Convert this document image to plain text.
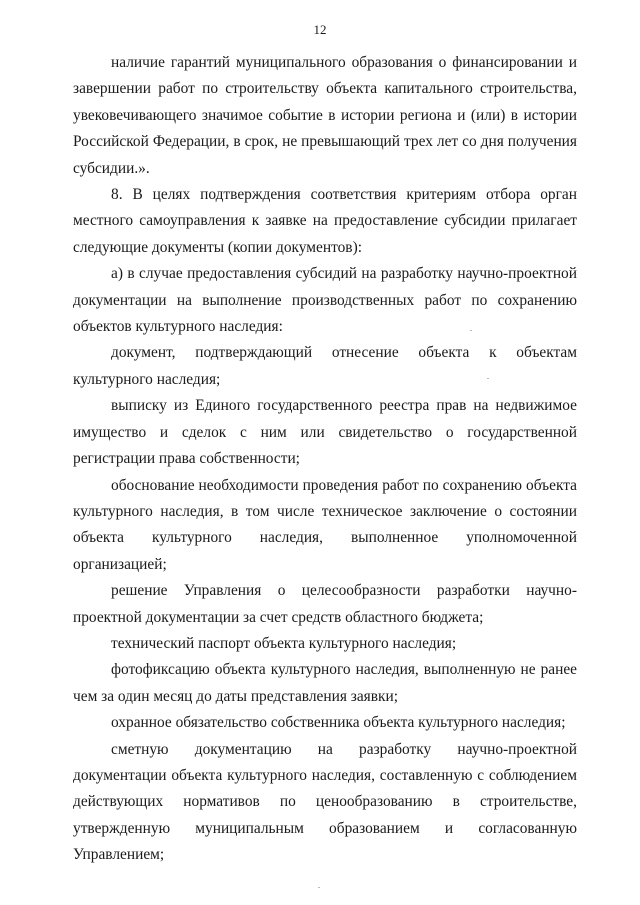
12

наличие гарантий муниципального образования о финансировании и завершении работ по строительству объекта капитального строительства, увековечивающего значимое событие в истории региона и (или) в истории Российской Федерации, в срок, не превышающий трех лет со дня получения субсидии.».

8. В целях подтверждения соответствия критериям отбора орган местного самоуправления к заявке на предоставление субсидии прилагает следующие документы (копии документов):

а) в случае предоставления субсидий на разработку научно-проектной документации на выполнение производственных работ по сохранению объектов культурного наследия:

документ, подтверждающий отнесение объекта к объектам культурного наследия;

выписку из Единого государственного реестра прав на недвижимое имущество и сделок с ним или свидетельство о государственной регистрации права собственности;

обоснование необходимости проведения работ по сохранению объекта культурного наследия, в том числе техническое заключение о состоянии объекта культурного наследия, выполненное уполномоченной организацией;

решение Управления о целесообразности разработки научно-проектной документации за счет средств областного бюджета;

технический паспорт объекта культурного наследия;

фотофиксацию объекта культурного наследия, выполненную не ранее чем за один месяц до даты представления заявки;

охранное обязательство собственника объекта культурного наследия;

сметную документацию на разработку научно-проектной документации объекта культурного наследия, составленную с соблюдением действующих нормативов по ценообразованию в строительстве, утвержденную муниципальным образованием и согласованную Управлением;
